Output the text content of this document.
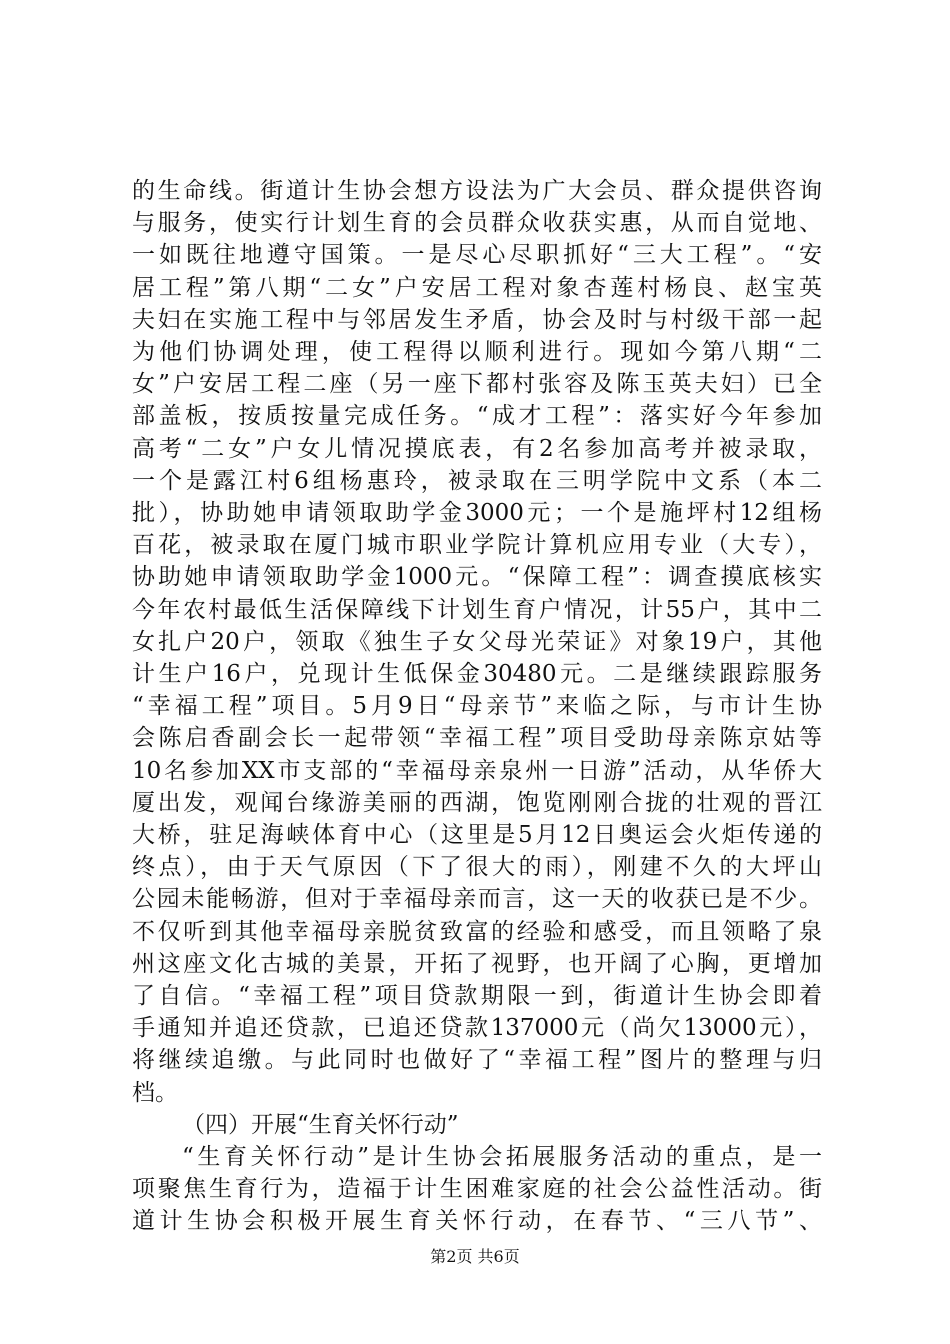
的生命线。街道计生协会想方设法为广大会员、群众提供咨询
与服务，使实行计划生育的会员群众收获实惠，从而自觉地、
一如既往地遵守国策。一是尽心尽职抓好“三大工程”。“安
居工程”第八期“二女”户安居工程对象杏莲村杨良、赵宝英
夫妇在实施工程中与邻居发生矛盾，协会及时与村级干部一起
为他们协调处理，使工程得以顺利进行。现如今第八期“二
女”户安居工程二座（另一座下都村张容及陈玉英夫妇）已全
部盖板，按质按量完成任务。“成才工程”：落实好今年参加
高考“二女”户女儿情况摸底表，有2名参加高考并被录取，
一个是露江村6组杨惠玲，被录取在三明学院中文系（本二
批），协助她申请领取助学金3000元；一个是施坪村12组杨
百花，被录取在厦门城市职业学院计算机应用专业（大专），
协助她申请领取助学金1000元。“保障工程”：调查摸底核实
今年农村最低生活保障线下计划生育户情况，计55户，其中二
女扎户20户，领取《独生子女父母光荣证》对象19户，其他
计生户16户，兑现计生低保金30480元。二是继续跟踪服务
“幸福工程”项目。5月9日“母亲节”来临之际，与市计生协
会陈启香副会长一起带领“幸福工程”项目受助母亲陈京姑等
10名参加XX市支部的“幸福母亲泉州一日游”活动，从华侨大
厦出发，观闻台缘游美丽的西湖，饱览刚刚合拢的壮观的晋江
大桥，驻足海峡体育中心（这里是5月12日奥运会火炬传递的
终点），由于天气原因（下了很大的雨），刚建不久的大坪山
公园未能畅游，但对于幸福母亲而言，这一天的收获已是不少。
不仅听到其他幸福母亲脱贫致富的经验和感受，而且领略了泉
州这座文化古城的美景，开拓了视野，也开阔了心胸，更增加
了自信。“幸福工程”项目贷款期限一到，街道计生协会即着
手通知并追还贷款，已追还贷款137000元（尚欠13000元），
将继续追缴。与此同时也做好了“幸福工程”图片的整理与归
档。
（四）开展“生育关怀行动”
“生育关怀行动”是计生协会拓展服务活动的重点，是一
项聚焦生育行为，造福于计生困难家庭的社会公益性活动。街
道计生协会积极开展生育关怀行动，在春节、“三八节”、
第2页 共6页
